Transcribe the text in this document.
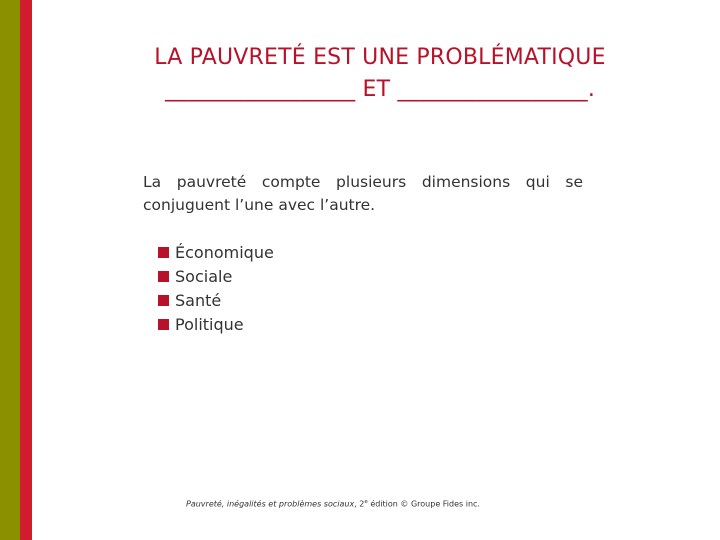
LA PAUVRETÉ EST UNE PROBLÉMATIQUE
_________________ ET _________________.
La pauvreté compte plusieurs dimensions qui se conjuguent l’une avec l’autre.
Économique
Sociale
Santé
Politique
Pauvreté, inégalités et problèmes sociaux, 2e édition © Groupe Fides inc.
